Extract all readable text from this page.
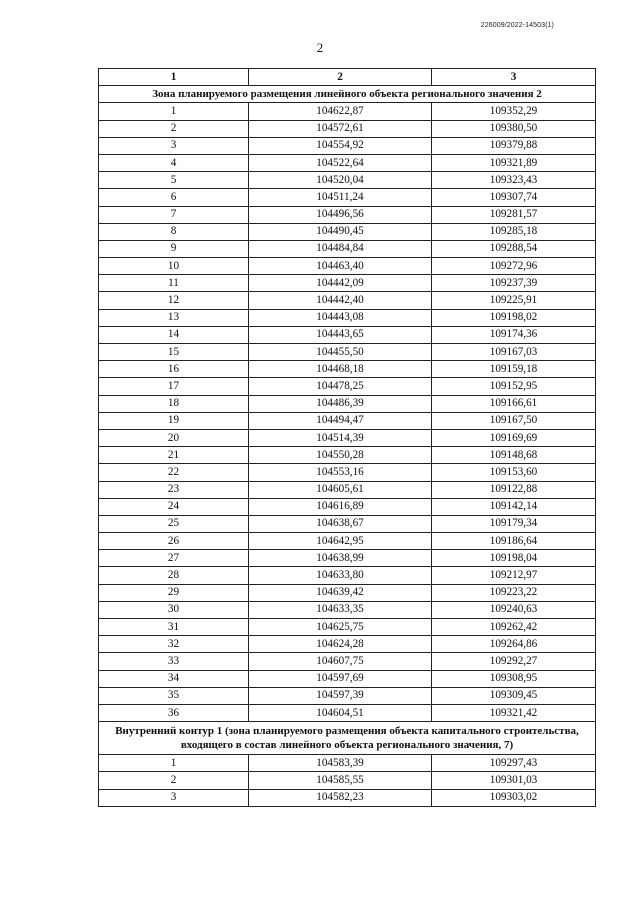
226009/2022-14503(1)
2
1	2	3
Зона планируемого размещения линейного объекта регионального значения 2		
1	104622,87	109352,29
2	104572,61	109380,50
3	104554,92	109379,88
4	104522,64	109321,89
5	104520,04	109323,43
6	104511,24	109307,74
7	104496,56	109281,57
8	104490,45	109285,18
9	104484,84	109288,54
10	104463,40	109272,96
11	104442,09	109237,39
12	104442,40	109225,91
13	104443,08	109198,02
14	104443,65	109174,36
15	104455,50	109167,03
16	104468,18	109159,18
17	104478,25	109152,95
18	104486,39	109166,61
19	104494,47	109167,50
20	104514,39	109169,69
21	104550,28	109148,68
22	104553,16	109153,60
23	104605,61	109122,88
24	104616,89	109142,14
25	104638,67	109179,34
26	104642,95	109186,64
27	104638,99	109198,04
28	104633,80	109212,97
29	104639,42	109223,22
30	104633,35	109240,63
31	104625,75	109262,42
32	104624,28	109264,86
33	104607,75	109292,27
34	104597,69	109308,95
35	104597,39	109309,45
36	104604,51	109321,42
Внутренний контур 1 (зона планируемого размещения объекта капитального строительства, входящего в состав линейного объекта регионального значения, 7)		
1	104583,39	109297,43
2	104585,55	109301,03
3	104582,23	109303,02
